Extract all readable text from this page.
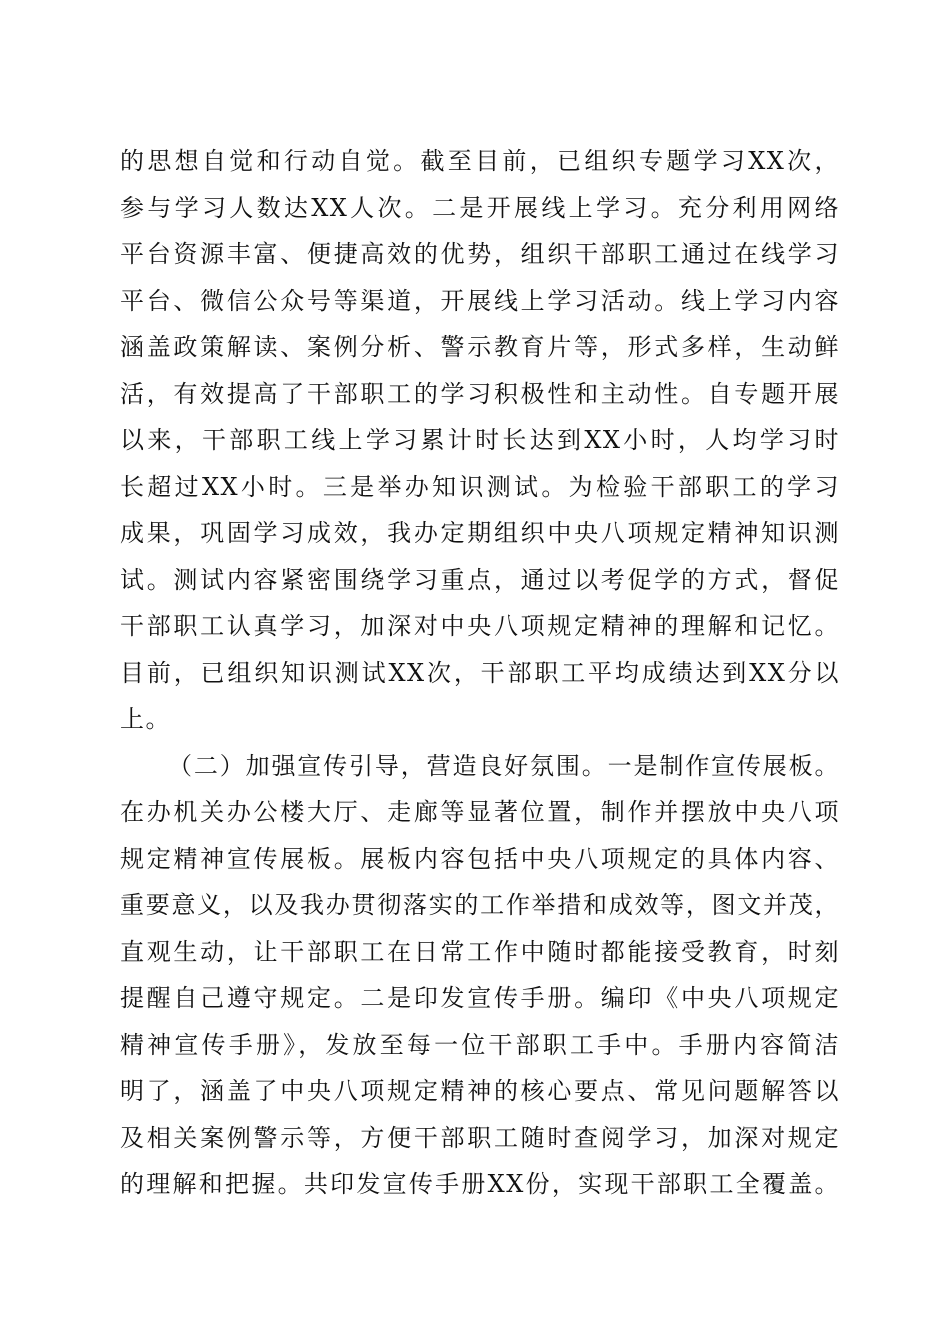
的思想自觉和行动自觉。截至目前，已组织专题学习XX次，
参与学习人数达XX人次。二是开展线上学习。充分利用网络
平台资源丰富、便捷高效的优势，组织干部职工通过在线学习
平台、微信公众号等渠道，开展线上学习活动。线上学习内容
涵盖政策解读、案例分析、警示教育片等，形式多样，生动鲜
活，有效提高了干部职工的学习积极性和主动性。自专题开展
以来，干部职工线上学习累计时长达到XX小时，人均学习时
长超过XX小时。三是举办知识测试。为检验干部职工的学习
成果，巩固学习成效，我办定期组织中央八项规定精神知识测
试。测试内容紧密围绕学习重点，通过以考促学的方式，督促
干部职工认真学习，加深对中央八项规定精神的理解和记忆。
目前，已组织知识测试XX次，干部职工平均成绩达到XX分以
上。
（二）加强宣传引导，营造良好氛围。一是制作宣传展板。
在办机关办公楼大厅、走廊等显著位置，制作并摆放中央八项
规定精神宣传展板。展板内容包括中央八项规定的具体内容、
重要意义，以及我办贯彻落实的工作举措和成效等，图文并茂，
直观生动，让干部职工在日常工作中随时都能接受教育，时刻
提醒自己遵守规定。二是印发宣传手册。编印《中央八项规定
精神宣传手册》，发放至每一位干部职工手中。手册内容简洁
明了，涵盖了中央八项规定精神的核心要点、常见问题解答以
及相关案例警示等，方便干部职工随时查阅学习，加深对规定
的理解和把握。共印发宣传手册XX份，实现干部职工全覆盖。
